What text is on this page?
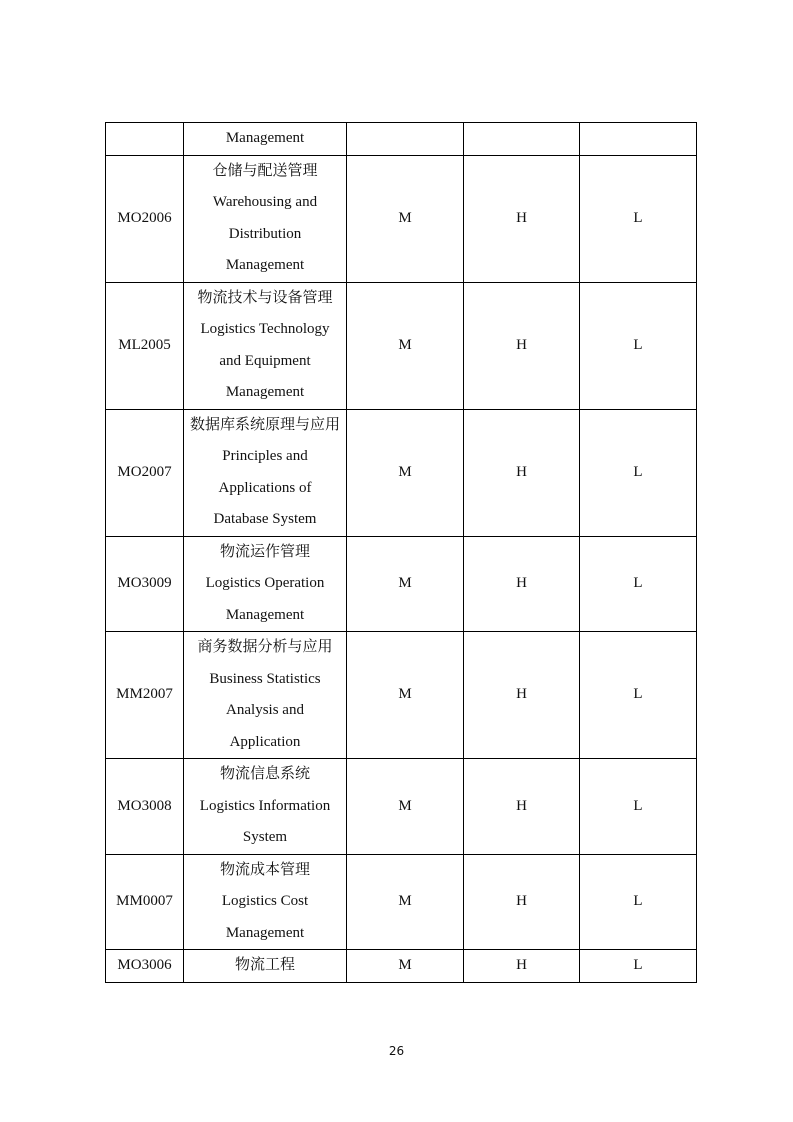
	Management			

MO2006	仓储与配送管理
Warehousing and
Distribution
Management	M	H	L
ML2005	物流技术与设备管理
Logistics Technology
and Equipment
Management	M	H	L
MO2007	数据库系统原理与应用
Principles and
Applications of
Database System	M	H	L
MO3009	物流运作管理
Logistics Operation
Management	M	H	L
MM2007	商务数据分析与应用
Business Statistics
Analysis and
Application	M	H	L
MO3008	物流信息系统
Logistics Information
System	M	H	L
MM0007	物流成本管理
Logistics Cost
Management	M	H	L
MO3006	物流工程	M	H	L
26
